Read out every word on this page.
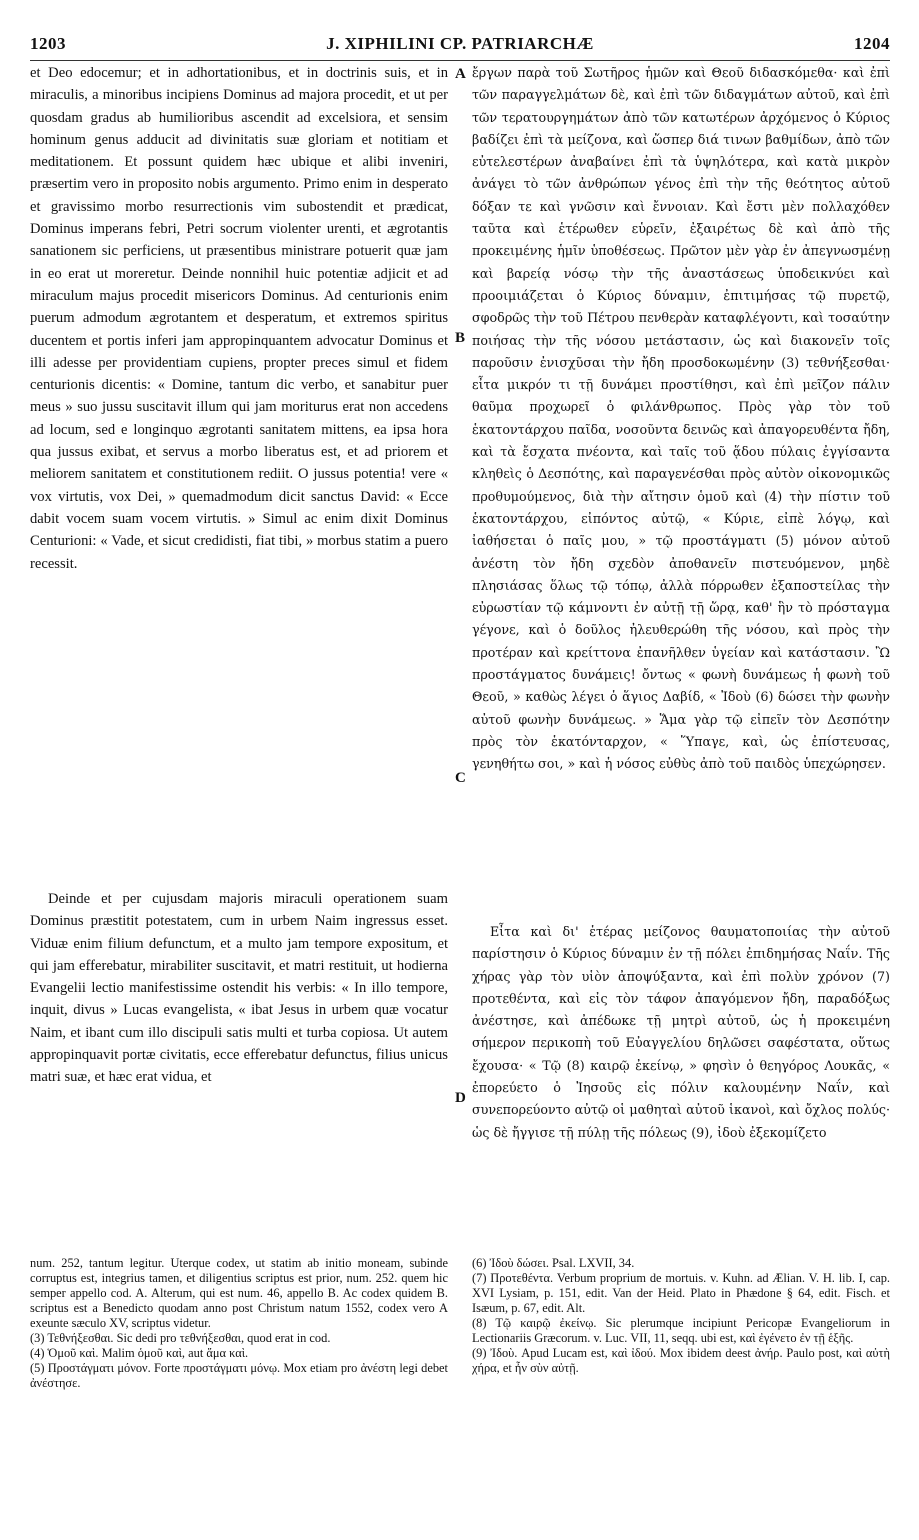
1203	J. XIPHILINI CP. PATRIARCHÆ	1204

et Deo edocemur; et in adhortationibus, et in doctrinis suis, et in miraculis, a minoribus incipiens Dominus ad majora procedit, et ut per quosdam gradus ab humilioribus ascendit ad excelsiora, et sensim hominum genus adducit ad divinitatis suæ gloriam et notitiam et meditationem. Et possunt quidem hæc ubique et alibi inveniri, præsertim vero in proposito nobis argumento. Primo enim in desperato et gravissimo morbo resurrectionis vim subostendit et prædicat, Dominus imperans febri, Petri socrum violenter urenti, et ægrotantis sanationem sic perficiens, ut præsentibus ministrare potuerit quæ jam in eo erat ut moreretur. Deinde nonnihil huic potentiæ adjicit et ad miraculum majus procedit misericors Dominus. Ad centurionis enim puerum admodum ægrotantem et desperatum, et extremos spiritus ducentem et portis inferi jam appropinquantem advocatur Dominus et illi adesse per providentiam cupiens, propter preces simul et fidem centurionis dicentis: « Domine, tantum dic verbo, et sanabitur puer meus » suo jussu suscitavit illum qui jam moriturus erat non accedens ad locum, sed e longinquo ægrotanti sanitatem mittens, ea ipsa hora qua jussus exibat, et servus a morbo liberatus est, et ad priorem et meliorem sanitatem et constitutionem rediit. O jussus potentia! vere « vox virtutis, vox Dei, » quemadmodum dicit sanctus David: « Ecce dabit vocem suam vocem virtutis. » Simul ac enim dixit Dominus Centurioni: « Vade, et sicut credidisti, fiat tibi, » morbus statim a puero recessit.

ἔργων παρὰ τοῦ Σωτῆρος ἡμῶν καὶ Θεοῦ διδασκόμεθα· καὶ ἐπὶ τῶν παραγγελμάτων δὲ, καὶ ἐπὶ τῶν διδαγμάτων αὐτοῦ, καὶ ἐπὶ τῶν τερατουργημάτων ἀπὸ τῶν κατωτέρων ἀρχόμενος ὁ Κύριος βαδίζει ἐπὶ τὰ μείζονα, καὶ ὥσπερ διά τινων βαθμίδων, ἀπὸ τῶν εὐτελεστέρων ἀναβαίνει ἐπὶ τὰ ὑψηλότερα, καὶ κατὰ μικρὸν ἀνάγει τὸ τῶν ἀνθρώπων γένος ἐπὶ τὴν τῆς θεότητος αὐτοῦ δόξαν τε καὶ γνῶσιν καὶ ἔννοιαν. Καὶ ἔστι μὲν πολλαχόθεν ταῦτα καὶ ἑτέρωθεν εὑρεῖν, ἐξαιρέτως δὲ καὶ ἀπὸ τῆς προκειμένης ἡμῖν ὑποθέσεως. Πρῶτον μὲν γὰρ ἐν ἀπεγνωσμένῃ καὶ βαρείᾳ νόσῳ τὴν τῆς ἀναστάσεως ὑποδεικνύει καὶ προοιμιάζεται ὁ Κύριος δύναμιν, ἐπιτιμήσας τῷ πυρετῷ, σφοδρῶς τὴν τοῦ Πέτρου πενθερὰν καταφλέγοντι, καὶ τοσαύτην ποιήσας τὴν τῆς νόσου μετάστασιν, ὡς καὶ διακονεῖν τοῖς παροῦσιν ἐνισχῦσαι τὴν ἤδη προσδοκωμένην (3) τεθνήξεσθαι· εἶτα μικρόν τι τῇ δυνάμει προστίθησι, καὶ ἐπὶ μεῖζον πάλιν θαῦμα προχωρεῖ ὁ φιλάνθρωπος. Πρὸς γὰρ τὸν τοῦ ἑκατοντάρχου παῖδα, νοσοῦντα δεινῶς καὶ ἀπαγορευθέντα ἤδη, καὶ τὰ ἔσχατα πνέοντα, καὶ ταῖς τοῦ ᾅδου πύλαις ἐγγίσαντα κληθεὶς ὁ Δεσπότης, καὶ παραγενέσθαι πρὸς αὐτὸν οἰκονομικῶς προθυμούμενος, διὰ τὴν αἴτησιν ὁμοῦ καὶ (4) τὴν πίστιν τοῦ ἑκατοντάρχου, εἰπόντος αὐτῷ, « Κύριε, εἰπὲ λόγῳ, καὶ ἰαθήσεται ὁ παῖς μου, » τῷ προστάγματι (5) μόνον αὐτοῦ ἀνέστη τὸν ἤδη σχεδὸν ἀποθανεῖν πιστευόμενον, μηδὲ πλησιάσας ὅλως τῷ τόπῳ, ἀλλὰ πόρρωθεν ἐξαποστείλας τὴν εὐρωστίαν τῷ κάμνοντι ἐν αὐτῇ τῇ ὥρᾳ, καθ' ἣν τὸ πρόσταγμα γέγονε, καὶ ὁ δοῦλος ἠλευθερώθη τῆς νόσου, καὶ πρὸς τὴν προτέραν καὶ κρείττονα ἐπανῆλθεν ὑγείαν καὶ κατάστασιν. Ὢ προστάγματος δυνάμεις! ὄντως « φωνὴ δυνάμεως ἡ φωνὴ τοῦ Θεοῦ, » καθὼς λέγει ὁ ἅγιος Δαβίδ, « Ἰδοὺ (6) δώσει τὴν φωνὴν αὐτοῦ φωνὴν δυνάμεως. » Ἅμα γὰρ τῷ εἰπεῖν τὸν Δεσπότην πρὸς τὸν ἑκατόνταρχον, « Ὕπαγε, καὶ, ὡς ἐπίστευσας, γενηθήτω σοι, » καὶ ἡ νόσος εὐθὺς ἀπὸ τοῦ παιδὸς ὑπεχώρησεν.

A
B
C
D

Deinde et per cujusdam majoris miraculi operationem suam Dominus præstitit potestatem, cum in urbem Naim ingressus esset. Viduæ enim filium defunctum, et a multo jam tempore expositum, et qui jam efferebatur, mirabiliter suscitavit, et matri restituit, ut hodierna Evangelii lectio manifestissime ostendit his verbis: « In illo tempore, inquit, divus » Lucas evangelista, « ibat Jesus in urbem quæ vocatur Naim, et ibant cum illo discipuli satis multi et turba copiosa. Ut autem appropinquavit portæ civitatis, ecce efferebatur defunctus, filius unicus matri suæ, et hæc erat vidua, et

Εἶτα καὶ δι' ἑτέρας μείζονος θαυματοποιίας τὴν αὐτοῦ παρίστησιν ὁ Κύριος δύναμιν ἐν τῇ πόλει ἐπιδημήσας Ναΐν. Τῆς χήρας γὰρ τὸν υἱὸν ἀποψύξαντα, καὶ ἐπὶ πολὺν χρόνον (7) προτεθέντα, καὶ εἰς τὸν τάφον ἀπαγόμενον ἤδη, παραδόξως ἀνέστησε, καὶ ἀπέδωκε τῇ μητρὶ αὐτοῦ, ὡς ἡ προκειμένη σήμερον περικοπὴ τοῦ Εὐαγγελίου δηλῶσει σαφέστατα, οὕτως ἔχουσα· « Τῷ (8) καιρῷ ἐκείνῳ, » φησὶν ὁ θεηγόρος Λουκᾶς, « ἐπορεύετο ὁ Ἰησοῦς εἰς πόλιν καλουμένην Ναΐν, καὶ συνεπορεύοντο αὐτῷ οἱ μαθηταὶ αὐτοῦ ἱκανοὶ, καὶ ὄχλος πολύς· ὡς δὲ ἤγγισε τῇ πύλῃ τῆς πόλεως (9), ἰδοὺ ἐξεκομίζετο

num. 252, tantum legitur. Uterque codex, ut statim ab initio moneam, subinde corruptus est, integrius tamen, et diligentius scriptus est prior, num. 252. quem hic semper appello cod. A. Alterum, qui est num. 46, appello B. Ac codex quidem B. scriptus est a Benedicto quodam anno post Christum natum 1552, codex vero A exeunte sæculo XV, scriptus videtur.

(3) Τεθνήξεσθαι. Sic dedi pro τεθνήξεσθαι, quod erat in cod.

(4) Ὁμοῦ καὶ. Malim ὁμοῦ καὶ, aut ἅμα καὶ.

(5) Προστάγματι μόνον. Forte προστάγματι μόνῳ. Mox etiam pro ἀνέστη legi debet ἀνέστησε.

(6) Ἰδοὺ δώσει. Psal. LXVII, 34.

(7) Προτεθέντα. Verbum proprium de mortuis. v. Kuhn. ad Ælian. V. H. lib. I, cap. XVI Lysiam, p. 151, edit. Van der Heid. Plato in Phædone § 64, edit. Fisch. et Isæum, p. 67, edit. Alt.

(8) Τῷ καιρῷ ἐκείνῳ. Sic plerumque incipiunt Pericopæ Evangeliorum in Lectionariis Græcorum. v. Luc. VII, 11, seqq. ubi est, καὶ ἐγένετο ἐν τῇ ἑξῆς.

(9) Ἰδοὺ. Apud Lucam est, καὶ ἰδού. Mox ibidem deest ἀνήρ. Paulo post, καὶ αὐτὴ χήρα, et ἦν σὺν αὐτῇ.
